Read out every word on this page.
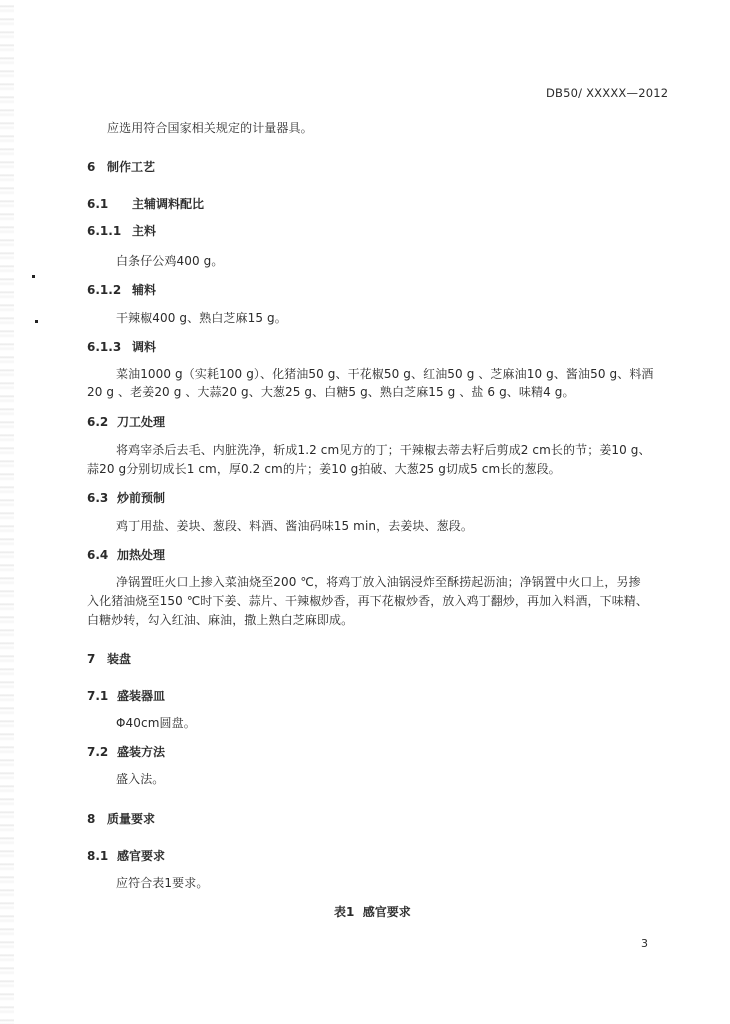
DB50/ XXXXX—2012
应选用符合国家相关规定的计量器具。
6 制作工艺
6.1 主辅调料配比
6.1.1 主料
白条仔公鸡400 g。
6.1.2 辅料
干辣椒400 g、熟白芝麻15 g。
6.1.3 调料
菜油1000 g（实耗100 g）、化猪油50 g、干花椒50 g、红油50 g 、芝麻油10 g、酱油50 g、料酒
20 g 、老姜20 g 、大蒜20 g、大葱25 g、白糖5 g、熟白芝麻15 g 、盐 6 g、味精4 g。
6.2 刀工处理
将鸡宰杀后去毛、内脏洗净，斩成1.2 cm见方的丁；干辣椒去蒂去籽后剪成2 cm长的节；姜10 g、
蒜20 g分别切成长1 cm，厚0.2 cm的片；姜10 g拍破、大葱25 g切成5 cm长的葱段。
6.3 炒前预制
鸡丁用盐、姜块、葱段、料酒、酱油码味15 min，去姜块、葱段。
6.4 加热处理
净锅置旺火口上掺入菜油烧至200 ℃，将鸡丁放入油锅浸炸至酥捞起沥油；净锅置中火口上，另掺
入化猪油烧至150 ℃时下姜、蒜片、干辣椒炒香，再下花椒炒香，放入鸡丁翻炒，再加入料酒，下味精、
白糖炒转，勾入红油、麻油，撒上熟白芝麻即成。
7 装盘
7.1 盛装器皿
Φ40cm圆盘。
7.2 盛装方法
盛入法。
8 质量要求
8.1 感官要求
应符合表1要求。
表1  感官要求
3
